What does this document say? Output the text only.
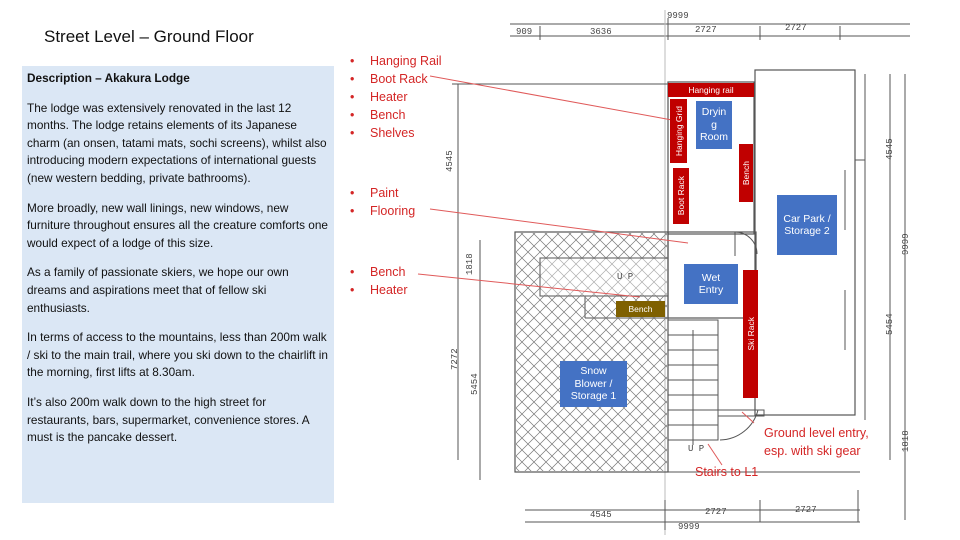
Street Level – Ground Floor
Description – Akakura Lodge

The lodge was extensively renovated in the last 12 months. The lodge retains elements of its Japanese charm (an onsen, tatami mats, sochi screens), whilst also introducing modern expectations of international guests (new western bedding, private bathrooms).

More broadly, new wall linings, new windows, new furniture throughout ensures all the creature comforts one would expect of a lodge of this size.

As a family of passionate skiers, we hope our own dreams and aspirations meet that of fellow ski enthusiasts.

In terms of access to the mountains, less than 200m walk / ski to the main trail, where you ski down to the chairlift in the morning, first lifts at 8.30am.

It’s also 200m walk down to the high street for restaurants, bars, supermarket, convenience stores. A must is the pancake dessert.

9999
909	3636	2727	2727
4545	2727	2727
9999
4545
1818
7272
5454
4545
9999
5454
1818
U P
U P
Hanging rail
Hanging Grid
Boot Rack
Bench
Ski Rack
Bench
Dryin g Room
Car Park / Storage 2
Wet Entry
Snow Blower / Storage 1
• Hanging Rail
• Boot Rack
• Heater
• Bench
• Shelves
• Paint
• Flooring
• Bench
• Heater
Ground level entry, esp. with ski gear
Stairs to L1
